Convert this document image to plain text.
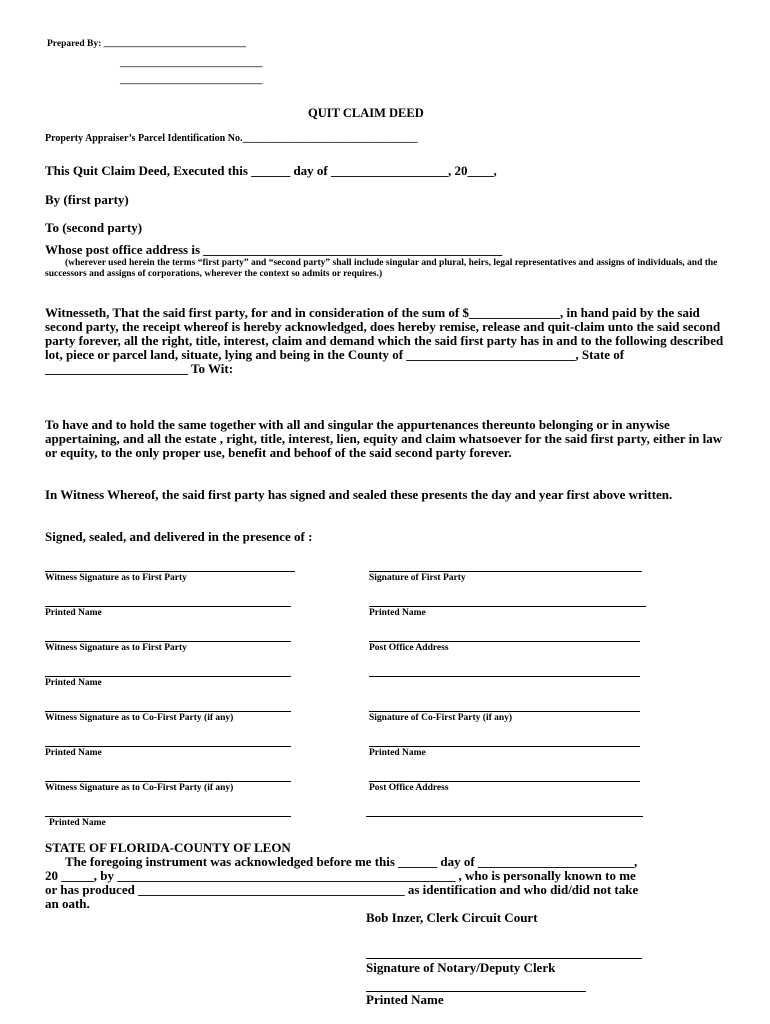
Prepared By: ______________________________
______________________________
______________________________
QUIT CLAIM DEED
Property Appraiser’s Parcel Identification No.___________________________________
This Quit Claim Deed, Executed this ______ day of __________________, 20____,
By (first party)
To (second party)
Whose post office address is ______________________________________________
(wherever used herein the terms “first party” and “second party” shall include singular and plural, heirs, legal representatives and assigns of individuals, and the successors and assigns of corporations, wherever the context so admits or requires.)
Witnesseth, That the said first party, for and in consideration of the sum of $______________, in hand paid by the said second party, the receipt whereof is hereby acknowledged, does hereby remise, release and quit-claim unto the said second party forever, all the right, title, interest, claim and demand which the said first party has in and to the following described lot, piece or parcel land, situate, lying and being in the County of __________________________, State of ______________________ To Wit:
To have and to hold the same together with all and singular the appurtenances thereunto belonging or in anywise appertaining, and all the estate , right, title, interest, lien, equity and claim whatsoever for the said first party, either in law or equity, to the only proper use, benefit and behoof of the said second party forever.
In Witness Whereof, the said first party has signed and sealed these presents the day and year first above written.
Signed, sealed, and delivered in the presence of :
Witness Signature as to First Party	Signature of First Party
Printed Name	Printed Name
Witness Signature as to First Party	Post Office Address
Printed Name
Witness Signature as to Co-First Party (if any)	Signature of Co-First Party (if any)
Printed Name	Printed Name
Witness Signature as to Co-First Party (if any)	Post Office Address
Printed Name
STATE OF FLORIDA-COUNTY OF LEON
The foregoing instrument was acknowledged before me this ______ day of ________________________,
20 _____, by ____________________________________________________ , who is personally known to me
or has produced _________________________________________ as identification and who did/did not take
an oath.
Bob Inzer, Clerk Circuit Court
Signature of Notary/Deputy Clerk
Printed Name
